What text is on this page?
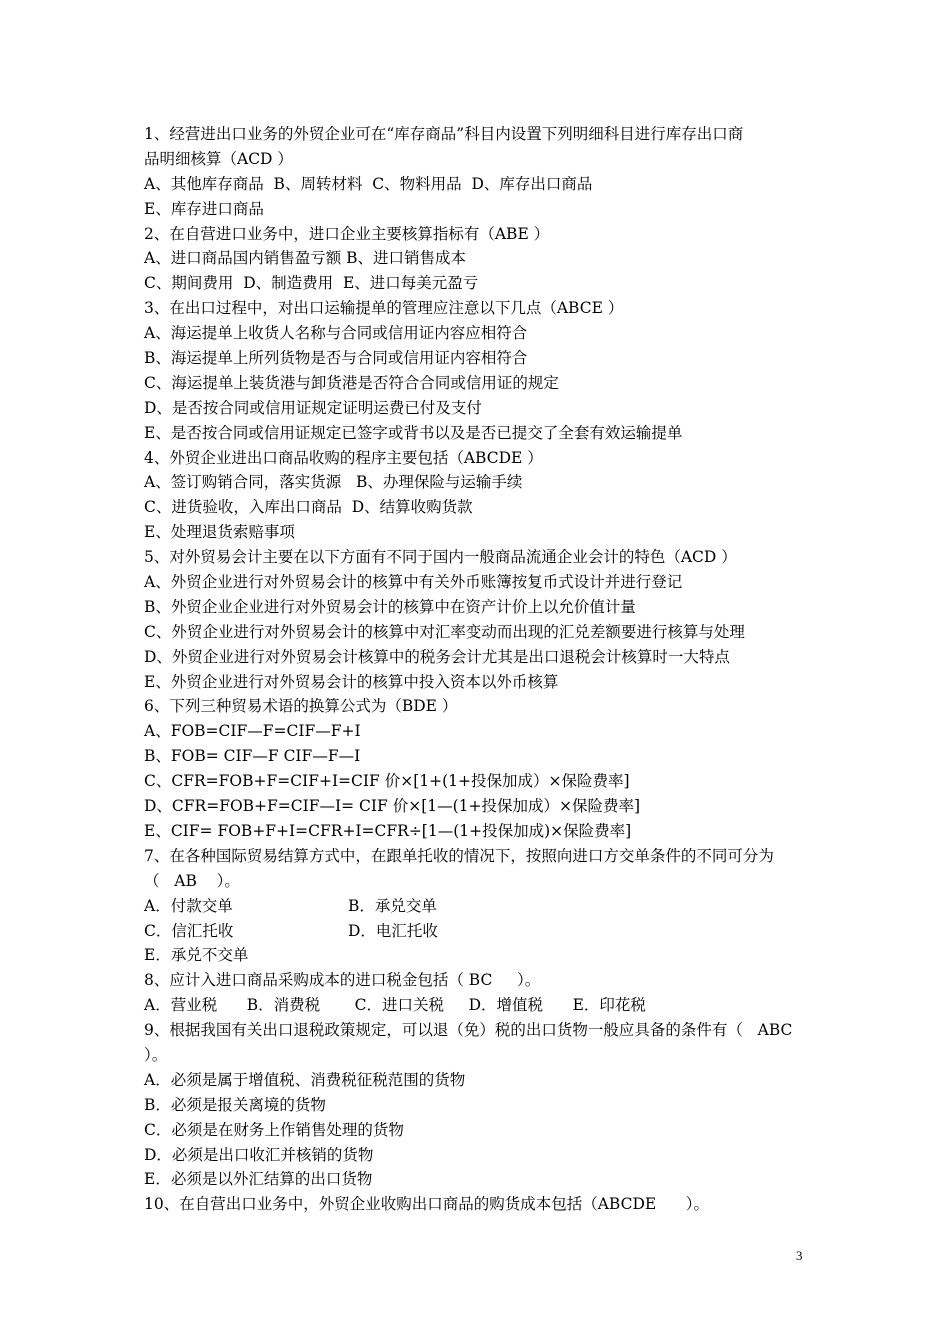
1、经营进出口业务的外贸企业可在“库存商品”科目内设置下列明细科目进行库存出口商
品明细核算（ACD ）
A、其他库存商品  B、周转材料  C、物料用品  D、库存出口商品
E、库存进口商品
2、在自营进口业务中，进口企业主要核算指标有（ABE ）
A、进口商品国内销售盈亏额 B、进口销售成本
C、期间费用  D、制造费用  E、进口每美元盈亏
3、在出口过程中，对出口运输提单的管理应注意以下几点（ABCE ）
A、海运提单上收货人名称与合同或信用证内容应相符合
B、海运提单上所列货物是否与合同或信用证内容相符合
C、海运提单上装货港与卸货港是否符合合同或信用证的规定
D、是否按合同或信用证规定证明运费已付及支付
E、是否按合同或信用证规定已签字或背书以及是否已提交了全套有效运输提单
4、外贸企业进出口商品收购的程序主要包括（ABCDE ）
A、签订购销合同，落实货源   B、办理保险与运输手续
C、进货验收，入库出口商品  D、结算收购货款
E、处理退货索赔事项
5、对外贸易会计主要在以下方面有不同于国内一般商品流通企业会计的特色（ACD ）
A、外贸企业进行对外贸易会计的核算中有关外币账簿按复币式设计并进行登记
B、外贸企业企业进行对外贸易会计的核算中在资产计价上以允价值计量
C、外贸企业进行对外贸易会计的核算中对汇率变动而出现的汇兑差额要进行核算与处理
D、外贸企业进行对外贸易会计核算中的税务会计尤其是出口退税会计核算时一大特点
E、外贸企业进行对外贸易会计的核算中投入资本以外币核算
6、下列三种贸易术语的换算公式为（BDE ）
A、FOB=CIF—F=CIF—F+I
B、FOB= CIF—F CIF—F—I
C、CFR=FOB+F=CIF+I=CIF 价×[1+(1+投保加成）×保险费率]
D、CFR=FOB+F=CIF—I= CIF 价×[1—(1+投保加成）×保险费率]
E、CIF= FOB+F+I=CFR+I=CFR÷[1—(1+投保加成)×保险费率]
7、在各种国际贸易结算方式中，在跟单托收的情况下，按照向进口方交单条件的不同可分为
（   AB    ）。
A．付款交单	B．承兑交单
C．信汇托收	D．电汇托收
E．承兑不交单
8、应计入进口商品采购成本的进口税金包括（ BC     ）。
A．营业税      B．消费税       C．进口关税     D．增值税      E．印花税
9、根据我国有关出口退税政策规定，可以退（免）税的出口货物一般应具备的条件有（   ABC
）。
A．必须是属于增值税、消费税征税范围的货物
B．必须是报关离境的货物
C．必须是在财务上作销售处理的货物
D．必须是出口收汇并核销的货物
E．必须是以外汇结算的出口货物
10、在自营出口业务中，外贸企业收购出口商品的购货成本包括（ABCDE      ）。
3
